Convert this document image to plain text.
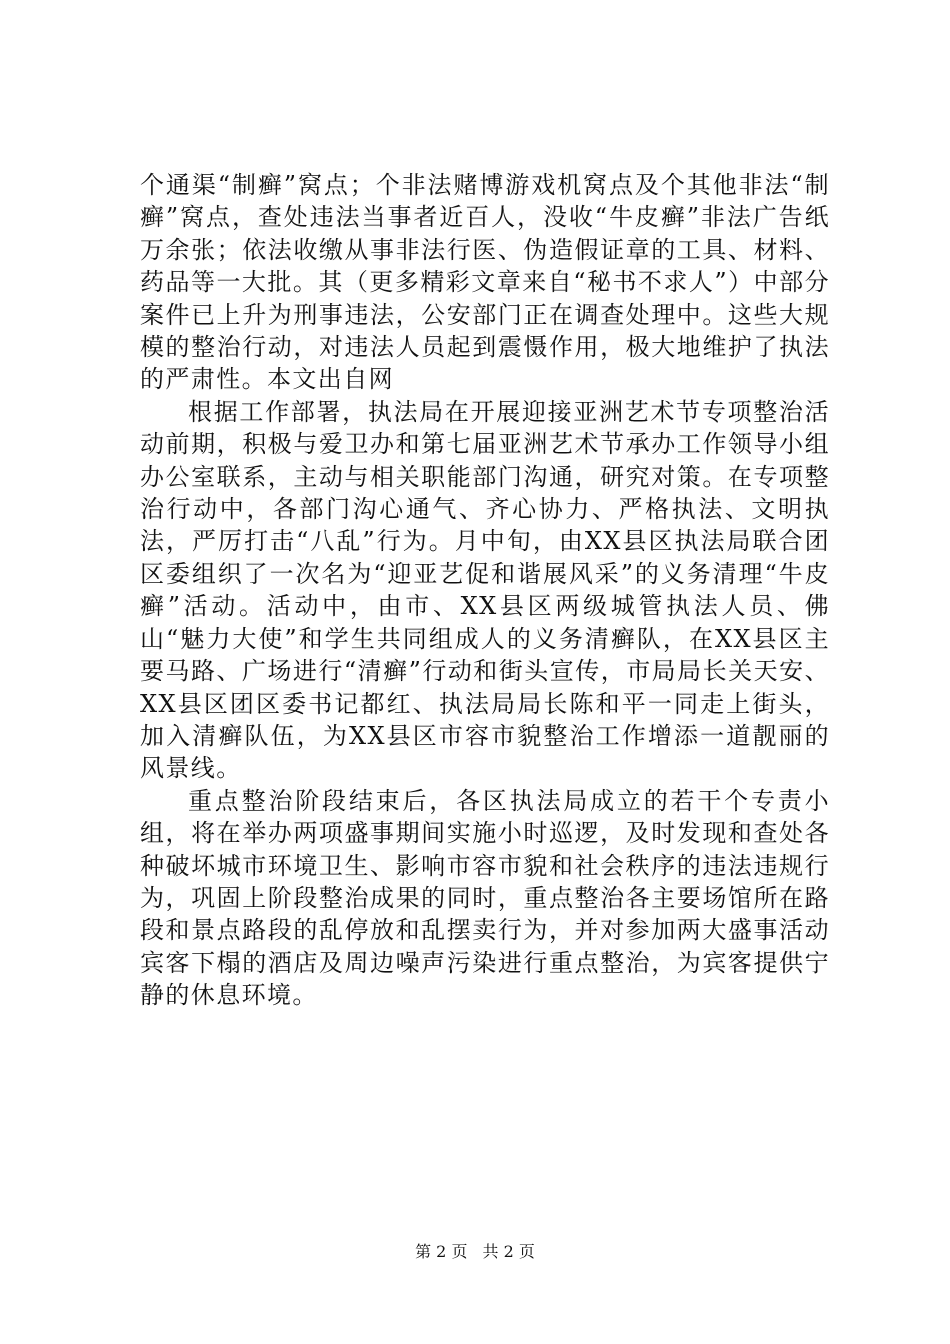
个通渠“制癣”窝点；个非法赌博游戏机窝点及个其他非法“制癣”窝点，查处违法当事者近百人，没收“牛皮癣”非法广告纸万余张；依法收缴从事非法行医、伪造假证章的工具、材料、药品等一大批。其（更多精彩文章来自“秘书不求人”）中部分案件已上升为刑事违法，公安部门正在调查处理中。这些大规模的整治行动，对违法人员起到震慑作用，极大地维护了执法的严肃性。本文出自网

根据工作部署，执法局在开展迎接亚洲艺术节专项整治活动前期，积极与爱卫办和第七届亚洲艺术节承办工作领导小组办公室联系，主动与相关职能部门沟通，研究对策。在专项整治行动中，各部门沟心通气、齐心协力、严格执法、文明执法，严厉打击“八乱”行为。月中旬，由XX县区执法局联合团区委组织了一次名为“迎亚艺促和谐展风采”的义务清理“牛皮癣”活动。活动中，由市、XX县区两级城管执法人员、佛山“魅力大使”和学生共同组成人的义务清癣队，在XX县区主要马路、广场进行“清癣”行动和街头宣传，市局局长关天安、XX县区团区委书记都红、执法局局长陈和平一同走上街头，加入清癣队伍，为XX县区市容市貌整治工作增添一道靓丽的风景线。

重点整治阶段结束后，各区执法局成立的若干个专责小组，将在举办两项盛事期间实施小时巡逻，及时发现和查处各种破坏城市环境卫生、影响市容市貌和社会秩序的违法违规行为，巩固上阶段整治成果的同时，重点整治各主要场馆所在路段和景点路段的乱停放和乱摆卖行为，并对参加两大盛事活动宾客下榻的酒店及周边噪声污染进行重点整治，为宾客提供宁静的休息环境。

第 2 页 共 2 页
